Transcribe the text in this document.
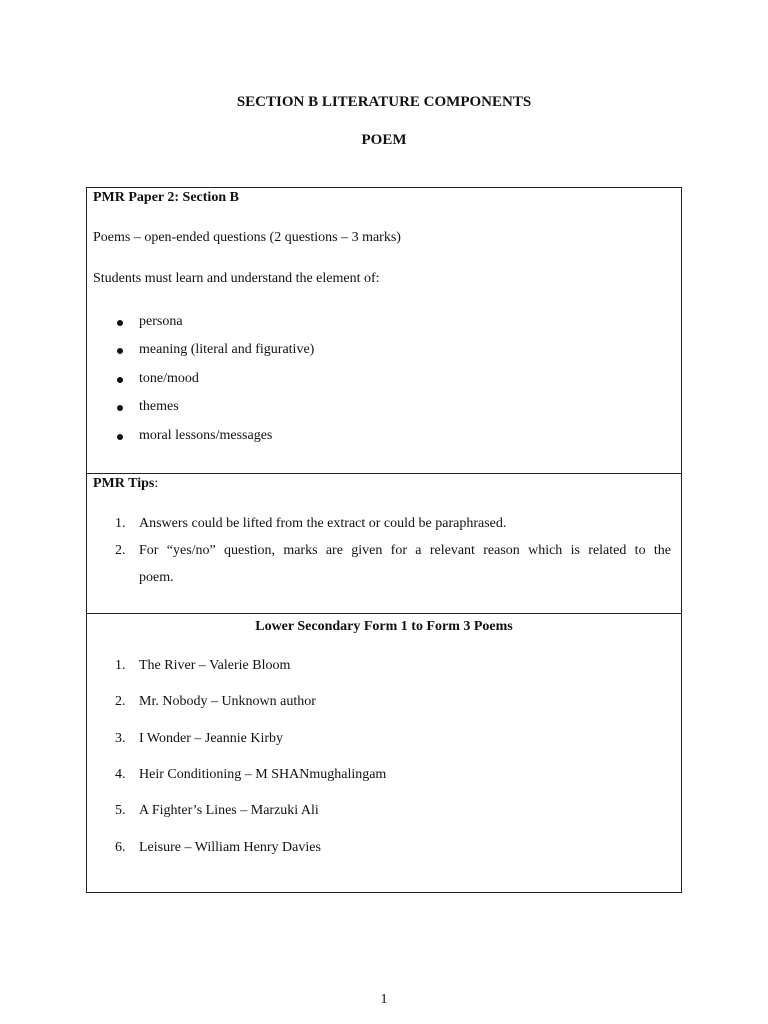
SECTION B LITERATURE COMPONENTS
POEM
PMR Paper 2: Section B
Poems – open-ended questions (2 questions – 3 marks)
Students must learn and understand the element of:
persona
meaning (literal and figurative)
tone/mood
themes
moral lessons/messages
PMR Tips:
1. Answers could be lifted from the extract or could be paraphrased.
2. For “yes/no” question, marks are given for a relevant reason which is related to the
poem.
Lower Secondary Form 1 to Form 3 Poems
1. The River – Valerie Bloom
2. Mr. Nobody – Unknown author
3. I Wonder – Jeannie Kirby
4. Heir Conditioning – M SHANmughalingam
5. A Fighter’s Lines – Marzuki Ali
6. Leisure – William Henry Davies
1
